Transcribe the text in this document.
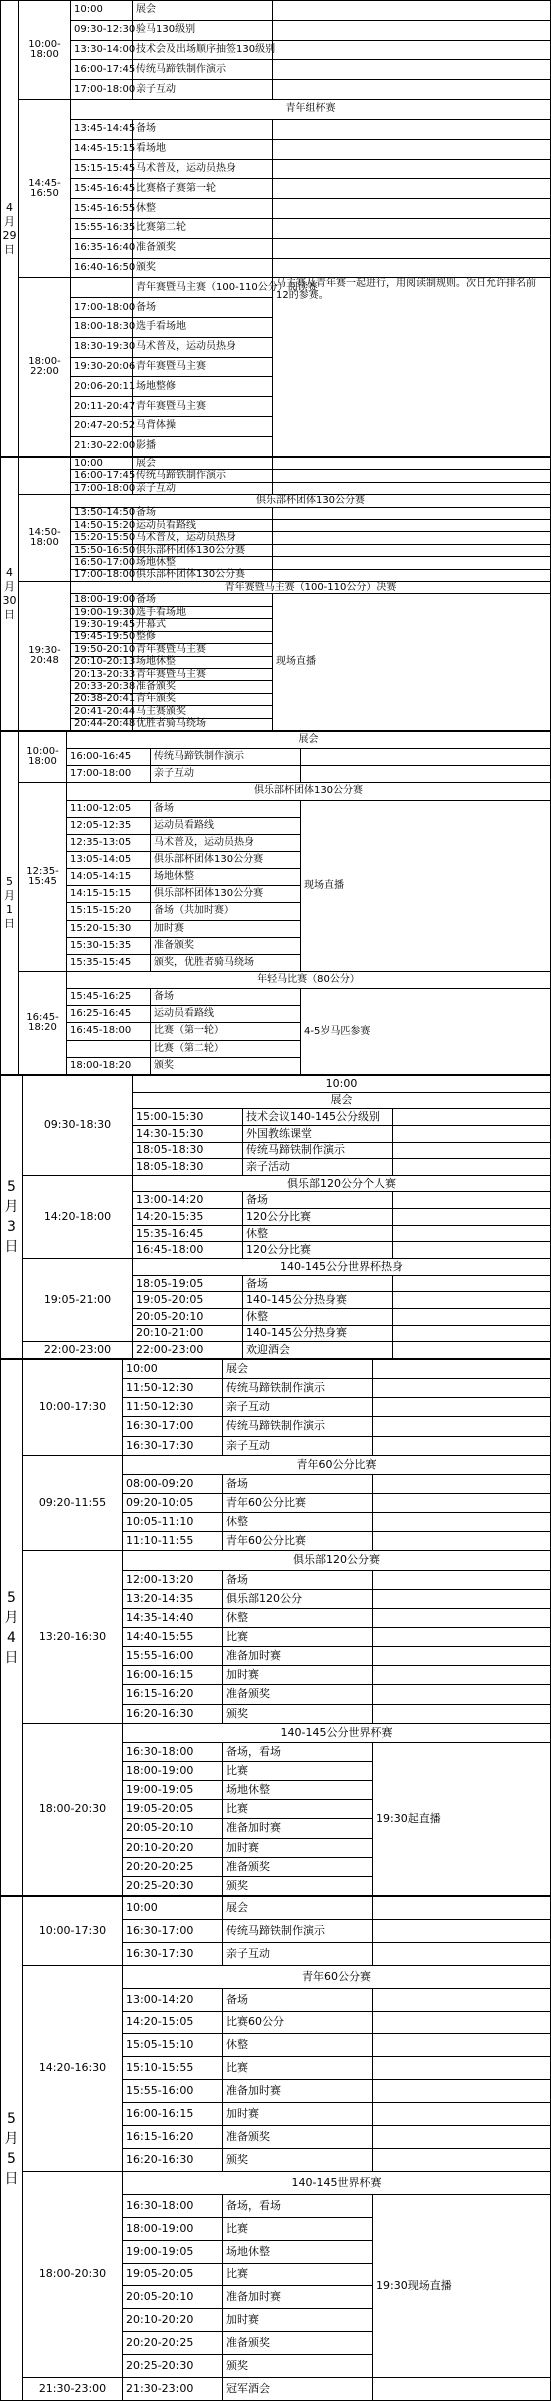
4月29日	10:00-18:00	10:00	展会	
		09:30-12:30	验马130级别	
		13:30-14:00	技术会及出场顺序抽签130级别	
		16:00-17:45	传统马蹄铁制作演示	
		17:00-18:00	亲子互动	
	14:45-16:50	青年组杯赛		
		13:45-14:45	备场	
		14:45-15:15	看场地	
		15:15-15:45	马术普及，运动员热身	
		15:45-16:45	比赛格子赛第一轮	
		15:45-16:55	休整	
		15:55-16:35	比赛第二轮	
		16:35-16:40	准备颁奖	
		16:40-16:50	颁奖	
	18:00-22:00		青年赛暨马主赛（100-110公分）阅读赛	马主赛及青年赛一起进行，用阅读制规则。次日允许排名前12的参赛。
		17:00-18:00	备场	
		18:00-18:30	选手看场地	
		18:30-19:30	马术普及，运动员热身	
		19:30-20:06	青年赛暨马主赛	
		20:06-20:11	场地整修	
		20:11-20:47	青年赛暨马主赛	
		20:47-20:52	马背体操	
		21:30-22:00	影播	
4月30日		10:00	展会	
		16:00-17:45	传统马蹄铁制作演示	
		17:00-18:00	亲子互动	
	14:50-18:00	俱乐部杯团体130公分赛		
		13:50-14:50	备场	
		14:50-15:20	运动员看路线	
		15:20-15:50	马术普及，运动员热身	
		15:50-16:50	俱乐部杯团体130公分赛	
		16:50-17:00	场地休整	
		17:00-18:00	俱乐部杯团体130公分赛	
	19:30-20:48	青年赛暨马主赛（100-110公分）决赛		
		18:00-19:00	备场	现场直播
		19:00-19:30	选手看场地	
		19:30-19:45	开幕式	
		19:45-19:50	整修	
		19:50-20:10	青年赛暨马主赛	
		20:10-20:13	场地休整	
		20:13-20:33	青年赛暨马主赛	
		20:33-20:38	准备颁奖	
		20:38-20:41	青年颁奖	
		20:41-20:44	马主赛颁奖	
		20:44-20:48	优胜者骑马绕场	
5月1日	10:00-18:00	展会		
		16:00-16:45	传统马蹄铁制作演示	
		17:00-18:00	亲子互动	
	12:35-15:45	俱乐部杯团体130公分赛		
		11:00-12:05	备场	现场直播
		12:05-12:35	运动员看路线	
		12:35-13:05	马术普及，运动员热身	
		13:05-14:05	俱乐部杯团体130公分赛	
		14:05-14:15	场地休整	
		14:15-15:15	俱乐部杯团体130公分赛	
		15:15-15:20	备场（共加时赛）	
		15:20-15:30	加时赛	
		15:30-15:35	准备颁奖	
		15:35-15:45	颁奖，优胜者骑马绕场	
	16:45-18:20	年轻马比赛（80公分）		
		15:45-16:25	备场	4-5岁马匹参赛
		16:25-16:45	运动员看路线	
		16:45-18:00	比赛（第一轮）	
			比赛（第二轮）	
		18:00-18:20	颁奖	
5月3日	09:30-18:30	10:00		
		展会		
		15:00-15:30	技术会议140-145公分级别	
		14:30-15:30	外国教练课堂	
		18:05-18:30	传统马蹄铁制作演示	
		18:05-18:30	亲子活动	
	14:20-18:00	俱乐部120公分个人赛		
		13:00-14:20	备场	
		14:20-15:35	120公分比赛	
		15:35-16:45	休整	
		16:45-18:00	120公分比赛	
	19:05-21:00	140-145公分世界杯热身		
		18:05-19:05	备场	
		19:05-20:05	140-145公分热身赛	
		20:05-20:10	休整	
		20:10-21:00	140-145公分热身赛	
	22:00-23:00	22:00-23:00	欢迎酒会	
5月4日	10:00-17:30	10:00	展会	
		11:50-12:30	传统马蹄铁制作演示	
		11:50-12:30	亲子互动	
		16:30-17:00	传统马蹄铁制作演示	
		16:30-17:30	亲子互动	
	09:20-11:55	青年60公分比赛		
		08:00-09:20	备场	
		09:20-10:05	青年60公分比赛	
		10:05-11:10	休整	
		11:10-11:55	青年60公分比赛	
	13:20-16:30	俱乐部120公分赛		
		12:00-13:20	备场	
		13:20-14:35	俱乐部120公分	
		14:35-14:40	休整	
		14:40-15:55	比赛	
		15:55-16:00	准备加时赛	
		16:00-16:15	加时赛	
		16:15-16:20	准备颁奖	
		16:20-16:30	颁奖	
	18:00-20:30	140-145公分世界杯赛		
		16:30-18:00	备场，看场	19:30起直播
		18:00-19:00	比赛	
		19:00-19:05	场地休整	
		19:05-20:05	比赛	
		20:05-20:10	准备加时赛	
		20:10-20:20	加时赛	
		20:20-20:25	准备颁奖	
		20:25-20:30	颁奖	
5月5日	10:00-17:30	10:00	展会	
		16:30-17:00	传统马蹄铁制作演示	
		16:30-17:30	亲子互动	
	14:20-16:30	青年60公分赛		
		13:00-14:20	备场	
		14:20-15:05	比赛60公分	
		15:05-15:10	休整	
		15:10-15:55	比赛	
		15:55-16:00	准备加时赛	
		16:00-16:15	加时赛	
		16:15-16:20	准备颁奖	
		16:20-16:30	颁奖	
	18:00-20:30	140-145世界杯赛		
		16:30-18:00	备场，看场	19:30现场直播
		18:00-19:00	比赛	
		19:00-19:05	场地休整	
		19:05-20:05	比赛	
		20:05-20:10	准备加时赛	
		20:10-20:20	加时赛	
		20:20-20:25	准备颁奖	
		20:25-20:30	颁奖	
	21:30-23:00	21:30-23:00	冠军酒会	
